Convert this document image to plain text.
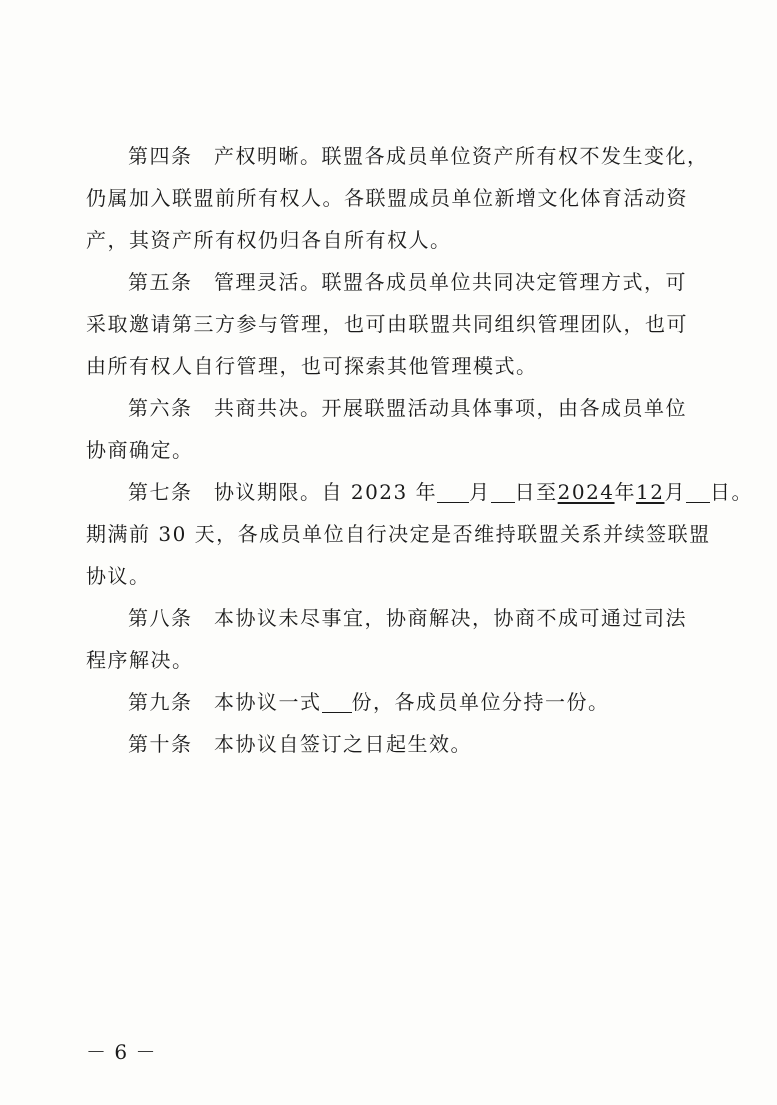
第四条　产权明晰。联盟各成员单位资产所有权不发生变化，
仍属加入联盟前所有权人。各联盟成员单位新增文化体育活动资
产，其资产所有权仍归各自所有权人。
第五条　管理灵活。联盟各成员单位共同决定管理方式，可
采取邀请第三方参与管理，也可由联盟共同组织管理团队，也可
由所有权人自行管理，也可探索其他管理模式。
第六条　共商共决。开展联盟活动具体事项，由各成员单位
协商确定。
第七条　协议期限。自 2023 年 月 日至2024年12月 日。
期满前 30 天，各成员单位自行决定是否维持联盟关系并续签联盟
协议。
第八条　本协议未尽事宜，协商解决，协商不成可通过司法
程序解决。
第九条　本协议一式 份，各成员单位分持一份。
第十条　本协议自签订之日起生效。
－ 6 －
